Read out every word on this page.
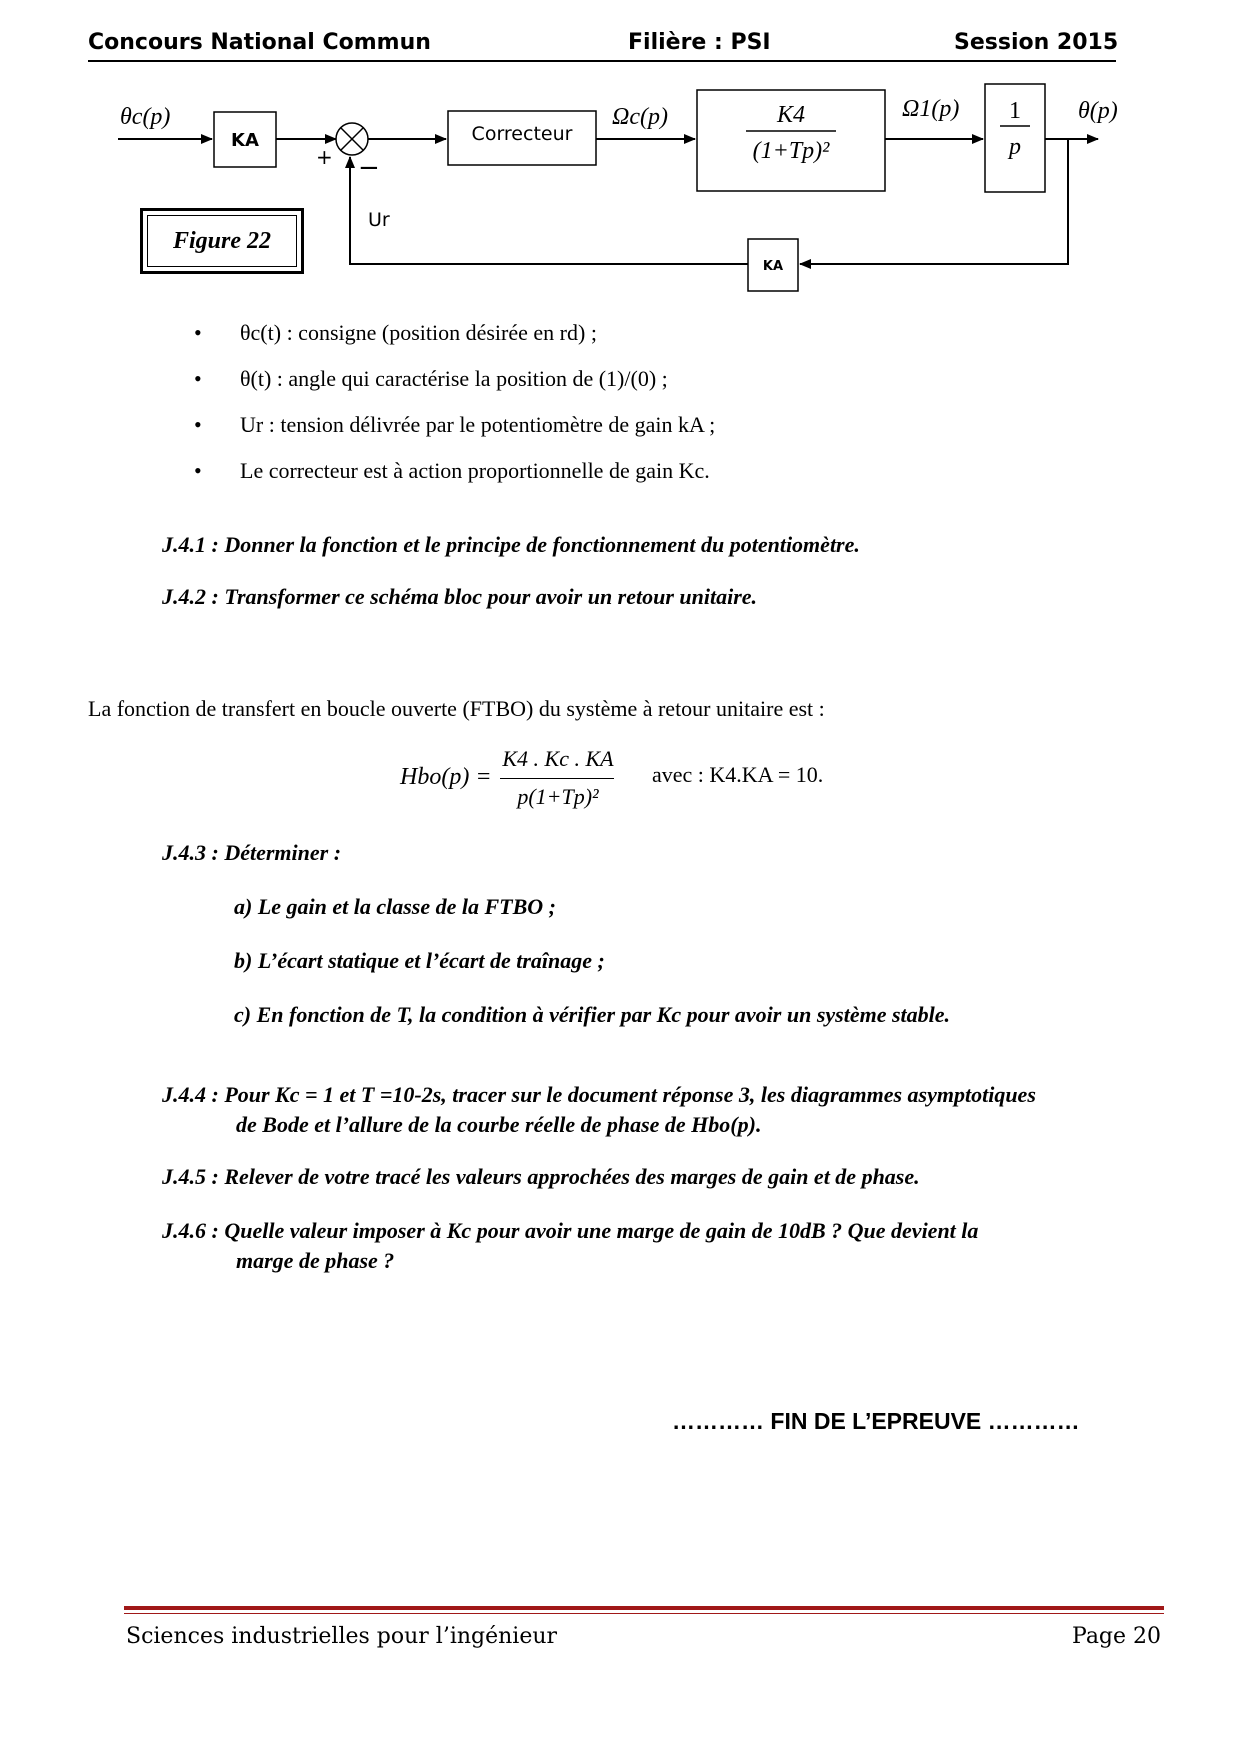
Concours National Commun	Filière : PSI	Session 2015
θc(p)
KA
+ −
Correcteur
Ωc(p)	K4
(1+Tp)²
Ω1(p) 1
p
θ(p)
KA
Ur
Figure 22
θc(t) : consigne (position désirée en rd) ;
θ(t) : angle qui caractérise la position de (1)/(0) ;
Ur : tension délivrée par le potentiomètre de gain kA ;
Le correcteur est à action proportionnelle de gain Kc.
J.4.1 : Donner la fonction et le principe de fonctionnement du potentiomètre.
J.4.2 : Transformer ce schéma bloc pour avoir un retour unitaire.
La fonction de transfert en boucle ouverte (FTBO) du système à retour unitaire est :
Hbo(p) =
K4 . Kc . KA
p(1+Tp)²
avec : K4.KA = 10.
J.4.3 : Déterminer :
a) Le gain et la classe de la FTBO ;
b) L’écart statique et l’écart de traînage ;
c) En fonction de T, la condition à vérifier par Kc pour avoir un système stable.
J.4.4 : Pour Kc = 1 et T =10-2s, tracer sur le document réponse 3, les diagrammes asymptotiques
de Bode et l’allure de la courbe réelle de phase de Hbo(p).
J.4.5 : Relever de votre tracé les valeurs approchées des marges de gain et de phase.
J.4.6 : Quelle valeur imposer à Kc pour avoir une marge de gain de 10dB ? Que devient la
marge de phase ?
………… FIN DE L’EPREUVE …………
Sciences industrielles pour l’ingénieur	Page 20
